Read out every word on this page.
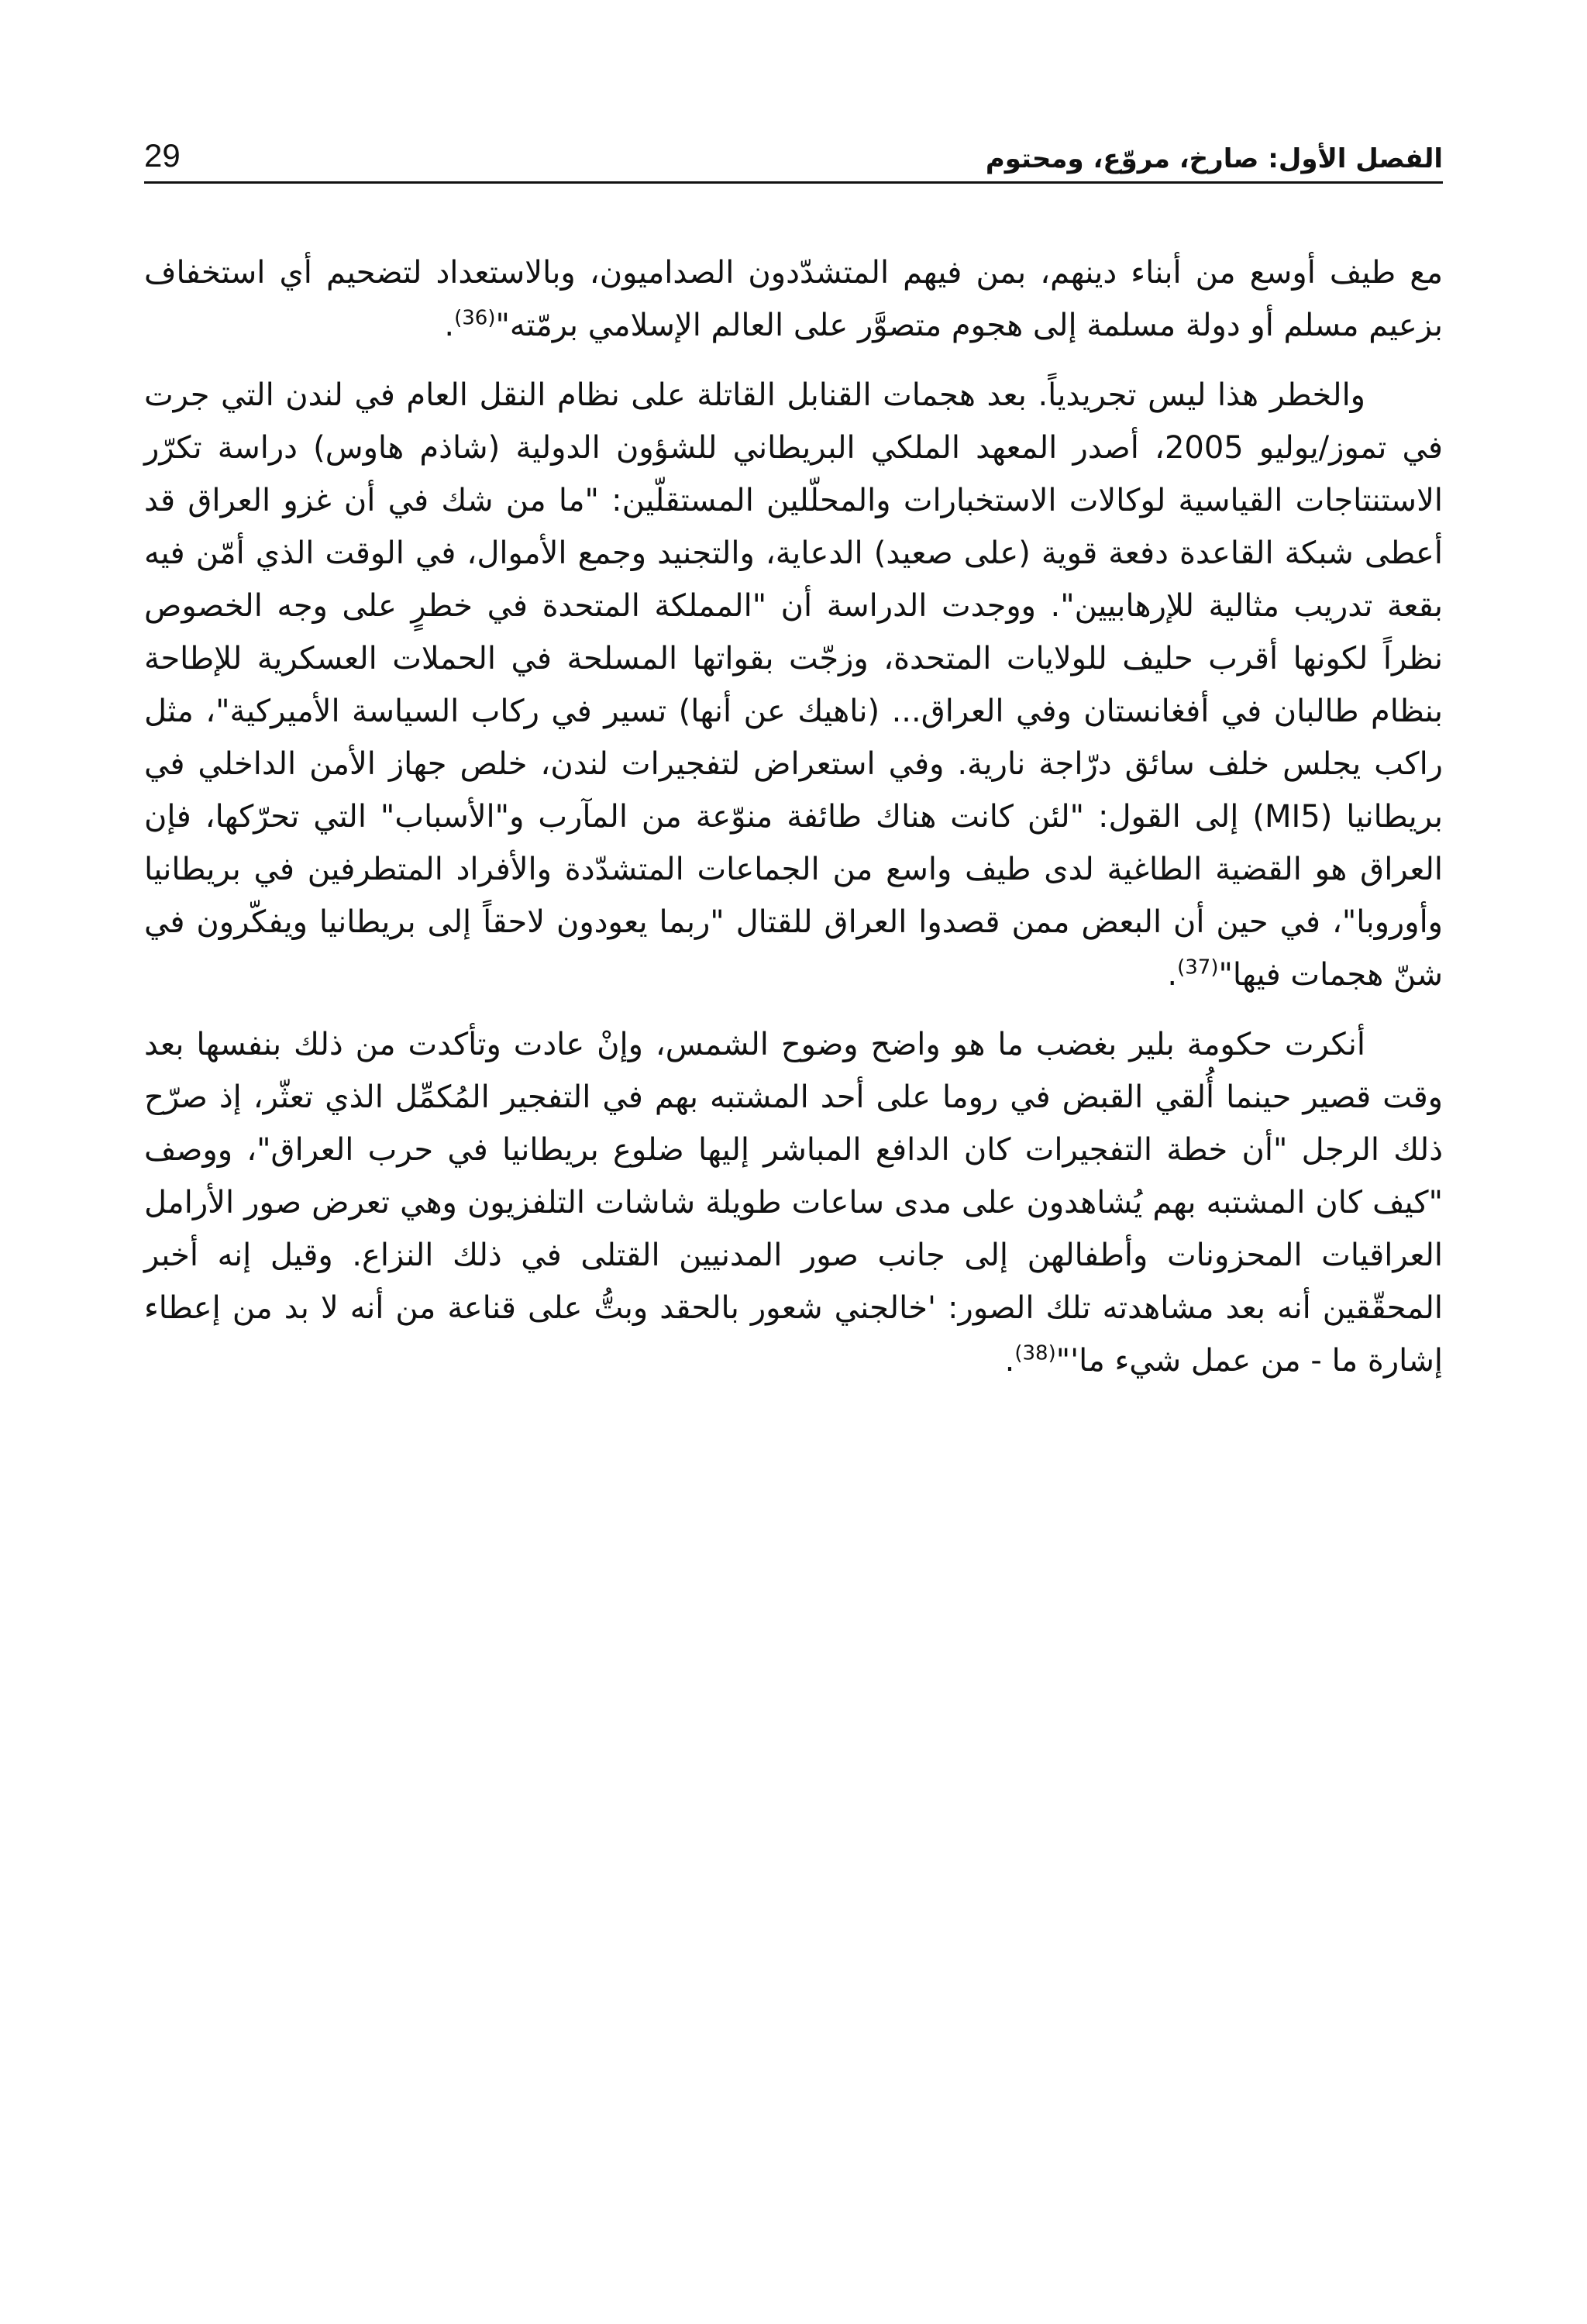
الفصل الأول: صارخ، مروّع، ومحتوم
29

مع طيف أوسع من أبناء دينهم، بمن فيهم المتشدّدون الصداميون، وبالاستعداد لتضحيم أي استخفاف بزعيم مسلم أو دولة مسلمة إلى هجوم متصوَّر على العالم الإسلامي برمّته"$^{(36)}$.

والخطر هذا ليس تجريدياً. بعد هجمات القنابل القاتلة على نظام النقل العام في لندن التي جرت في تموز/يوليو 2005، أصدر المعهد الملكي البريطاني للشؤون الدولية (شاذم هاوس) دراسة تكرّر الاستنتاجات القياسية لوكالات الاستخبارات والمحلّلين المستقلّين: "ما من شك في أن غزو العراق قد أعطى شبكة القاعدة دفعة قوية (على صعيد) الدعاية، والتجنيد وجمع الأموال، في الوقت الذي أمّن فيه بقعة تدريب مثالية للإرهابيين". ووجدت الدراسة أن "المملكة المتحدة في خطرٍ على وجه الخصوص نظراً لكونها أقرب حليف للولايات المتحدة، وزجّت بقواتها المسلحة في الحملات العسكرية للإطاحة بنظام طالبان في أفغانستان وفي العراق... (ناهيك عن أنها) تسير في ركاب السياسة الأميركية"، مثل راكب يجلس خلف سائق درّاجة نارية. وفي استعراض لتفجيرات لندن، خلص جهاز الأمن الداخلي في بريطانيا (MI5) إلى القول: "لئن كانت هناك طائفة منوّعة من المآرب و"الأسباب" التي تحرّكها، فإن العراق هو القضية الطاغية لدى طيف واسع من الجماعات المتشدّدة والأفراد المتطرفين في بريطانيا وأوروبا"، في حين أن البعض ممن قصدوا العراق للقتال "ربما يعودون لاحقاً إلى بريطانيا ويفكّرون في شنّ هجمات فيها"$^{(37)}$.

أنكرت حكومة بلير بغضب ما هو واضح وضوح الشمس، وإنْ عادت وتأكدت من ذلك بنفسها بعد وقت قصير حينما أُلقي القبض في روما على أحد المشتبه بهم في التفجير المُكمِّل الذي تعثّر، إذ صرّح ذلك الرجل "أن خطة التفجيرات كان الدافع المباشر إليها ضلوع بريطانيا في حرب العراق"، ووصف "كيف كان المشتبه بهم يُشاهدون على مدى ساعات طويلة شاشات التلفزيون وهي تعرض صور الأرامل العراقيات المحزونات وأطفالهن إلى جانب صور المدنيين القتلى في ذلك النزاع. وقيل إنه أخبر المحقّقين أنه بعد مشاهدته تلك الصور: 'خالجني شعور بالحقد وبتُّ على قناعة من أنه لا بد من إعطاء إشارة ما - من عمل شيء ما'"$^{(38)}$.
